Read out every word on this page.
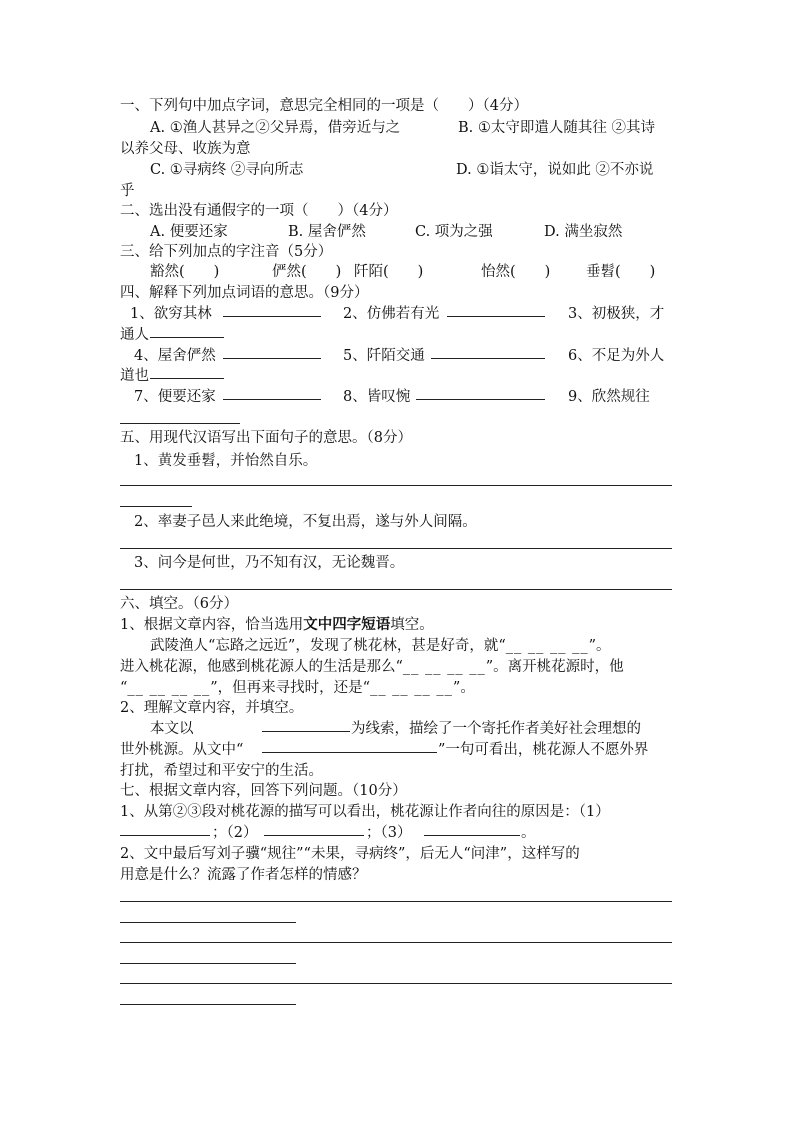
一、下列句中加点字词，意思完全相同的一项是（　　）（4分）
A. ①渔人甚异之②父异焉，借旁近与之	B. ①太守即遣人随其往 ②其诗
以养父母、收族为意
C. ①寻病终 ②寻向所志	D. ①诣太守，说如此 ②不亦说
乎
二、选出没有通假字的一项（　　）（4分）
A. 便要还家	B. 屋舍俨然	C. 项为之强	D. 满坐寂然
三、给下列加点的字注音（5分）
豁然(　　)	俨然(　　) 阡陌(　　)	怡然(　　) 垂髫(　　)
四、解释下列加点词语的意思。（9分）
1、欲穷其林	2、仿佛若有光	3、初极狭，才
通人
4、屋舍俨然	5、阡陌交通	6、不足为外人
道也
7、便要还家	8、皆叹惋	9、欣然规往
五、用现代汉语写出下面句子的意思。（8分）
1、黄发垂髫，并怡然自乐。
2、率妻子邑人来此绝境，不复出焉，遂与外人间隔。
3、问今是何世，乃不知有汉，无论魏晋。
六、填空。（6分）
1、根据文章内容，恰当选用文中四字短语填空。
武陵渔人“忘路之远近”，发现了桃花林，甚是好奇，就“__ __ __ __”。
进入桃花源，他感到桃花源人的生活是那么“__ __ __ __”。离开桃花源时，他
“__ __ __ __”，但再来寻找时，还是“__ __ __ __”。
2、理解文章内容，并填空。
本文以	为线索，描绘了一个寄托作者美好社会理想的
世外桃源。从文中“	”一句可看出，桃花源人不愿外界
打扰，希望过和平安宁的生活。
七、根据文章内容，回答下列问题。（10分）
1、从第②③段对桃花源的描写可以看出，桃花源让作者向往的原因是：（1）
；（2）	；（3）	。
2、文中最后写刘子骥“规往”“未果，寻病终”，后无人“问津”，这样写的
用意是什么？流露了作者怎样的情感？
